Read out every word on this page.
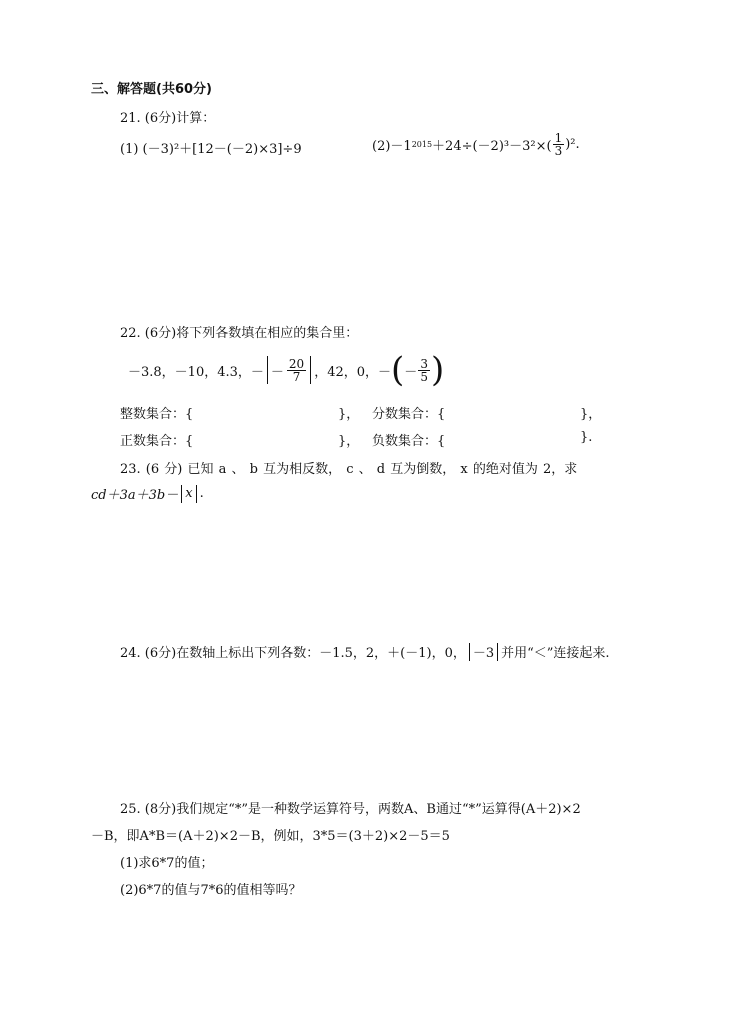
三、解答题(共60分)
21. (6分)计算：
(1) (－3)²＋[12－(－2)×3]÷9	(2)－1 $2015 +24\div(-2)^3-3^2\times( \frac{1}{3} )^2$.
22. (6分)将下列各数填在相应的集合里：
－3.8，－10，4.3，－ － $\frac{20}{7}$ ，42，0，－ ( － $\frac{3}{5}$ )
整数集合：{	}， 分数集合：{	}，
正数集合：{	}， 负数集合：{	}.
23. (6 分) 已知 a 、 b 互为相反数， c 、 d 互为倒数， x 的绝对值为 2，求
cd＋3a＋3b－ x .
24. (6分)在数轴上标出下列各数：－1.5，2，＋(－1)，0， －3 并用“＜”连接起来.
25. (8分)我们规定“*”是一种数学运算符号，两数A、B通过“*”运算得(A＋2)×2
－B，即A*B＝(A＋2)×2－B，例如，3*5＝(3＋2)×2－5＝5
(1)求6*7的值；
(2)6*7的值与7*6的值相等吗？
